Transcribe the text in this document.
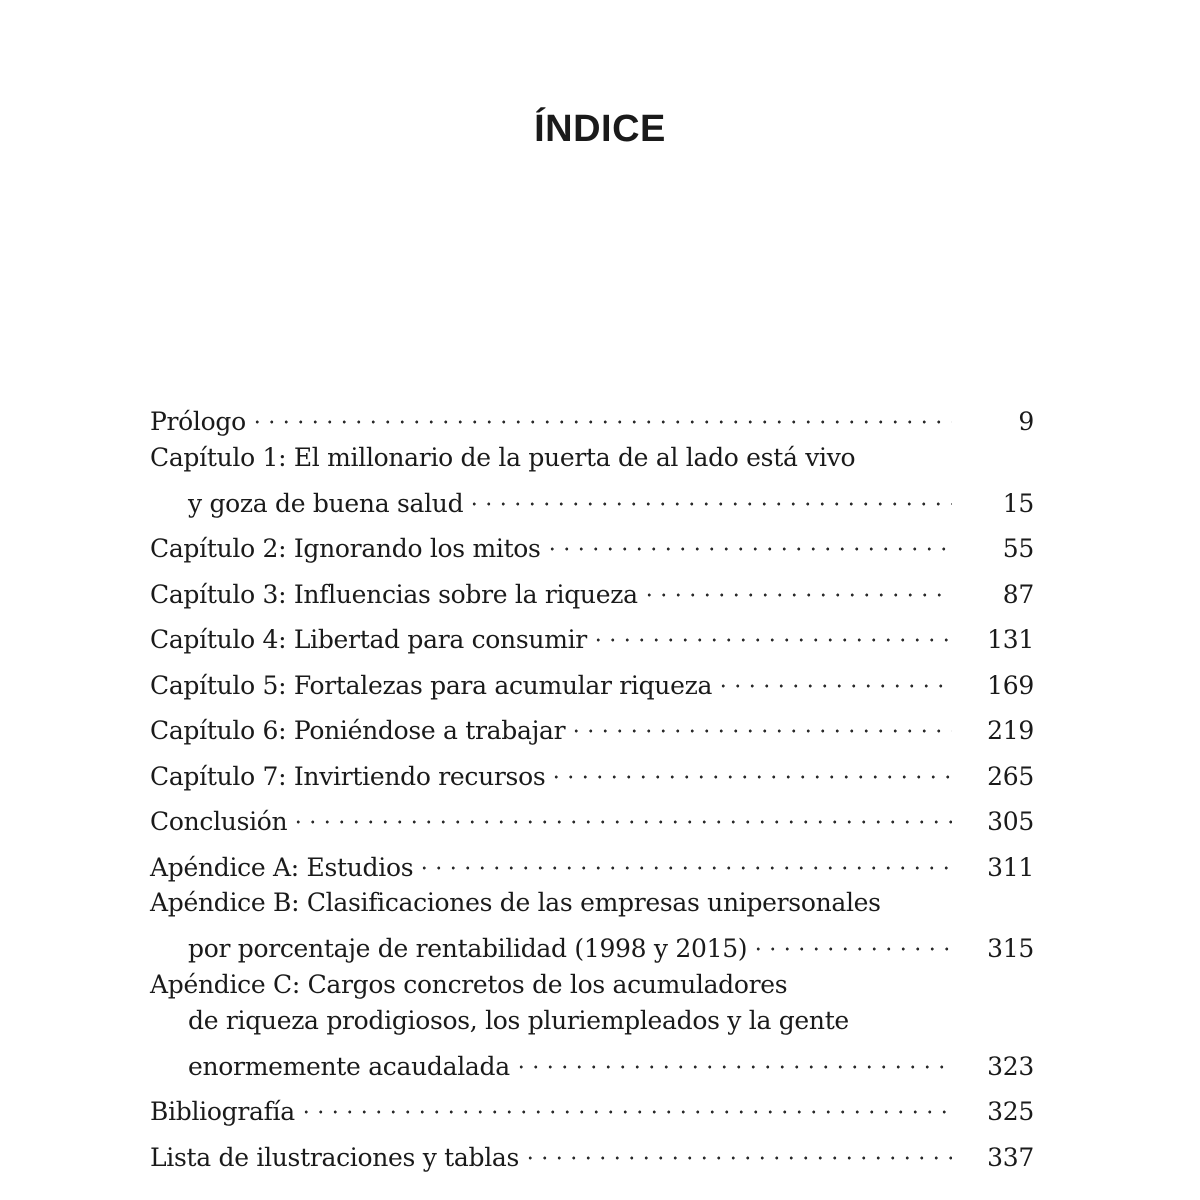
ÍNDICE
Prólogo	9
Capítulo 1: El millonario de la puerta de al lado está vivo
y goza de buena salud	15
Capítulo 2: Ignorando los mitos	55
Capítulo 3: Influencias sobre la riqueza	87
Capítulo 4: Libertad para consumir	131
Capítulo 5: Fortalezas para acumular riqueza	169
Capítulo 6: Poniéndose a trabajar	219
Capítulo 7: Invirtiendo recursos	265
Conclusión	305
Apéndice A: Estudios	311
Apéndice B: Clasificaciones de las empresas unipersonales
por porcentaje de rentabilidad (1998 y 2015)	315
Apéndice C: Cargos concretos de los acumuladores
de riqueza prodigiosos, los pluriempleados y la gente
enormemente acaudalada	323
Bibliografía	325
Lista de ilustraciones y tablas	337
